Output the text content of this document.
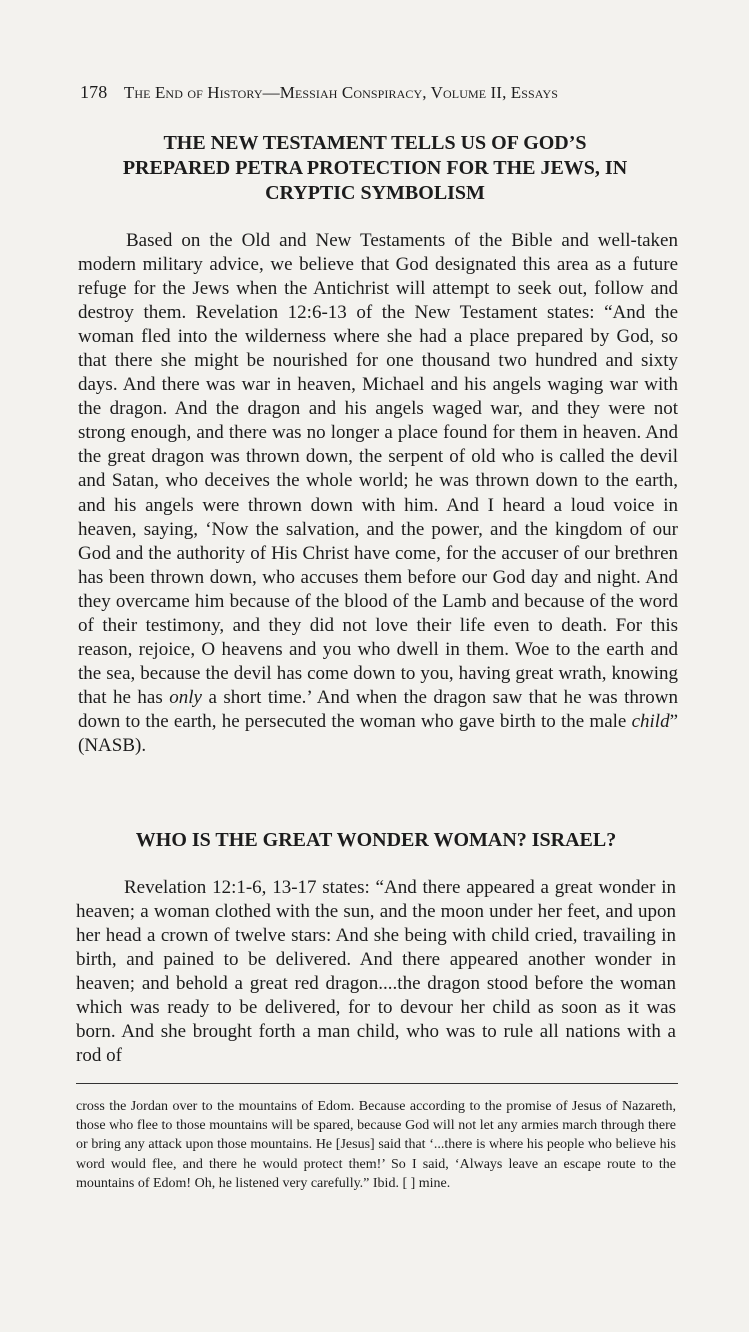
178 The End of History—Messiah Conspiracy, Volume II, Essays
THE NEW TESTAMENT TELLS US OF GOD’S PREPARED PETRA PROTECTION FOR THE JEWS, IN CRYPTIC SYMBOLISM

Based on the Old and New Testaments of the Bible and well-taken modern military advice, we believe that God designated this area as a future refuge for the Jews when the Antichrist will attempt to seek out, follow and destroy them. Revelation 12:6-13 of the New Testament states: “And the woman fled into the wilderness where she had a place prepared by God, so that there she might be nourished for one thousand two hundred and sixty days. And there was war in heaven, Michael and his angels waging war with the dragon. And the dragon and his angels waged war, and they were not strong enough, and there was no longer a place found for them in heaven. And the great dragon was thrown down, the serpent of old who is called the devil and Satan, who deceives the whole world; he was thrown down to the earth, and his angels were thrown down with him. And I heard a loud voice in heaven, saying, ‘Now the salvation, and the power, and the kingdom of our God and the authority of His Christ have come, for the accuser of our brethren has been thrown down, who accuses them before our God day and night. And they overcame him because of the blood of the Lamb and because of the word of their testimony, and they did not love their life even to death. For this reason, rejoice, O heavens and you who dwell in them. Woe to the earth and the sea, because the devil has come down to you, having great wrath, knowing that he has only a short time.’ And when the dragon saw that he was thrown down to the earth, he persecuted the woman who gave birth to the male child” (NASB).

WHO IS THE GREAT WONDER WOMAN? ISRAEL?

Revelation 12:1-6, 13-17 states: “And there appeared a great wonder in heaven; a woman clothed with the sun, and the moon under her feet, and upon her head a crown of twelve stars: And she being with child cried, travailing in birth, and pained to be delivered. And there appeared another wonder in heaven; and behold a great red dragon....the dragon stood before the woman which was ready to be delivered, for to devour her child as soon as it was born. And she brought forth a man child, who was to rule all nations with a rod of

cross the Jordan over to the mountains of Edom. Because according to the promise of Jesus of Nazareth, those who flee to those mountains will be spared, because God will not let any armies march through there or bring any attack upon those mountains. He [Jesus] said that ‘...there is where his people who believe his word would flee, and there he would protect them!’ So I said, ‘Always leave an escape route to the mountains of Edom! Oh, he listened very carefully.” Ibid. [ ] mine.
